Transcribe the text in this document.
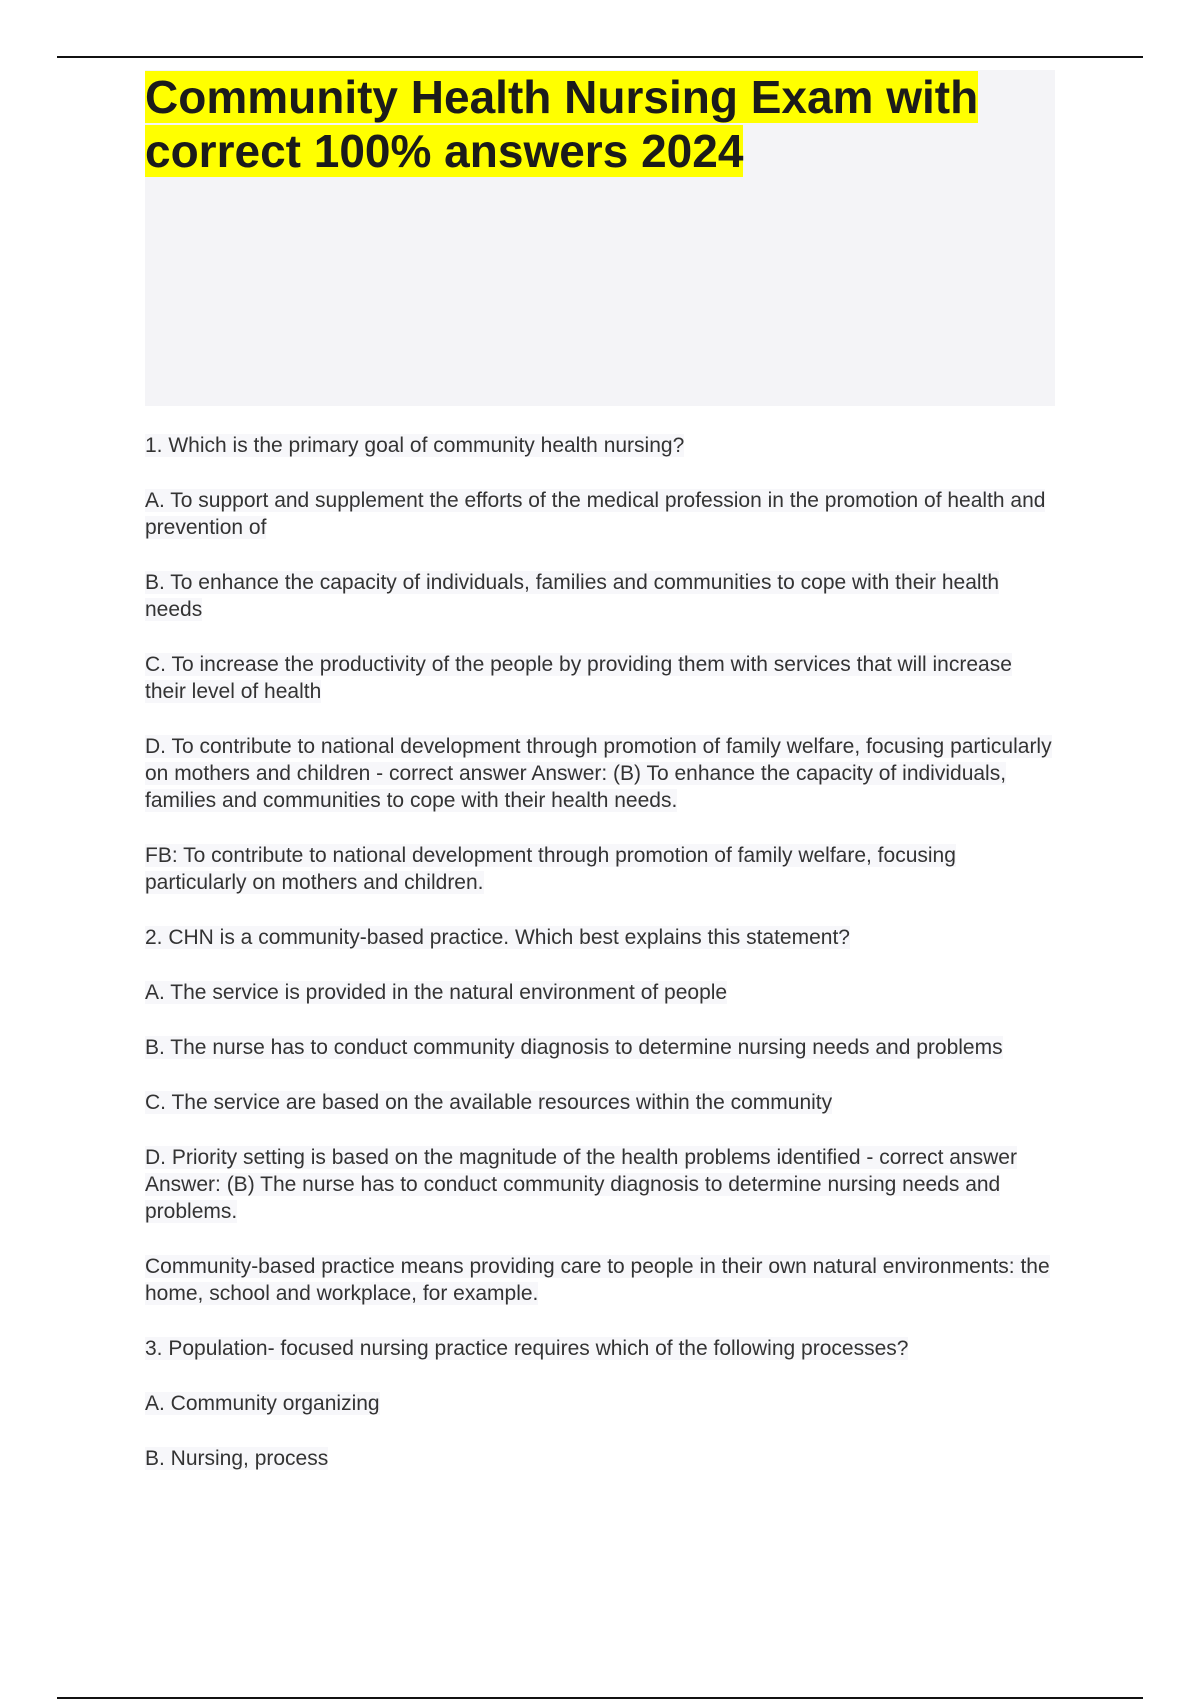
Community Health Nursing Exam with correct 100% answers 2024

1. Which is the primary goal of community health nursing?

A. To support and supplement the efforts of the medical profession in the promotion of health and prevention of

B. To enhance the capacity of individuals, families and communities to cope with their health needs

C. To increase the productivity of the people by providing them with services that will increase their level of health

D. To contribute to national development through promotion of family welfare, focusing particularly on mothers and children - correct answer Answer: (B) To enhance the capacity of individuals, families and communities to cope with their health needs.

FB: To contribute to national development through promotion of family welfare, focusing particularly on mothers and children.

2. CHN is a community-based practice. Which best explains this statement?

A. The service is provided in the natural environment of people

B. The nurse has to conduct community diagnosis to determine nursing needs and problems

C. The service are based on the available resources within the community

D. Priority setting is based on the magnitude of the health problems identified - correct answer Answer: (B) The nurse has to conduct community diagnosis to determine nursing needs and problems.

Community-based practice means providing care to people in their own natural environments: the home, school and workplace, for example.

3. Population- focused nursing practice requires which of the following processes?

A. Community organizing

B. Nursing, process
